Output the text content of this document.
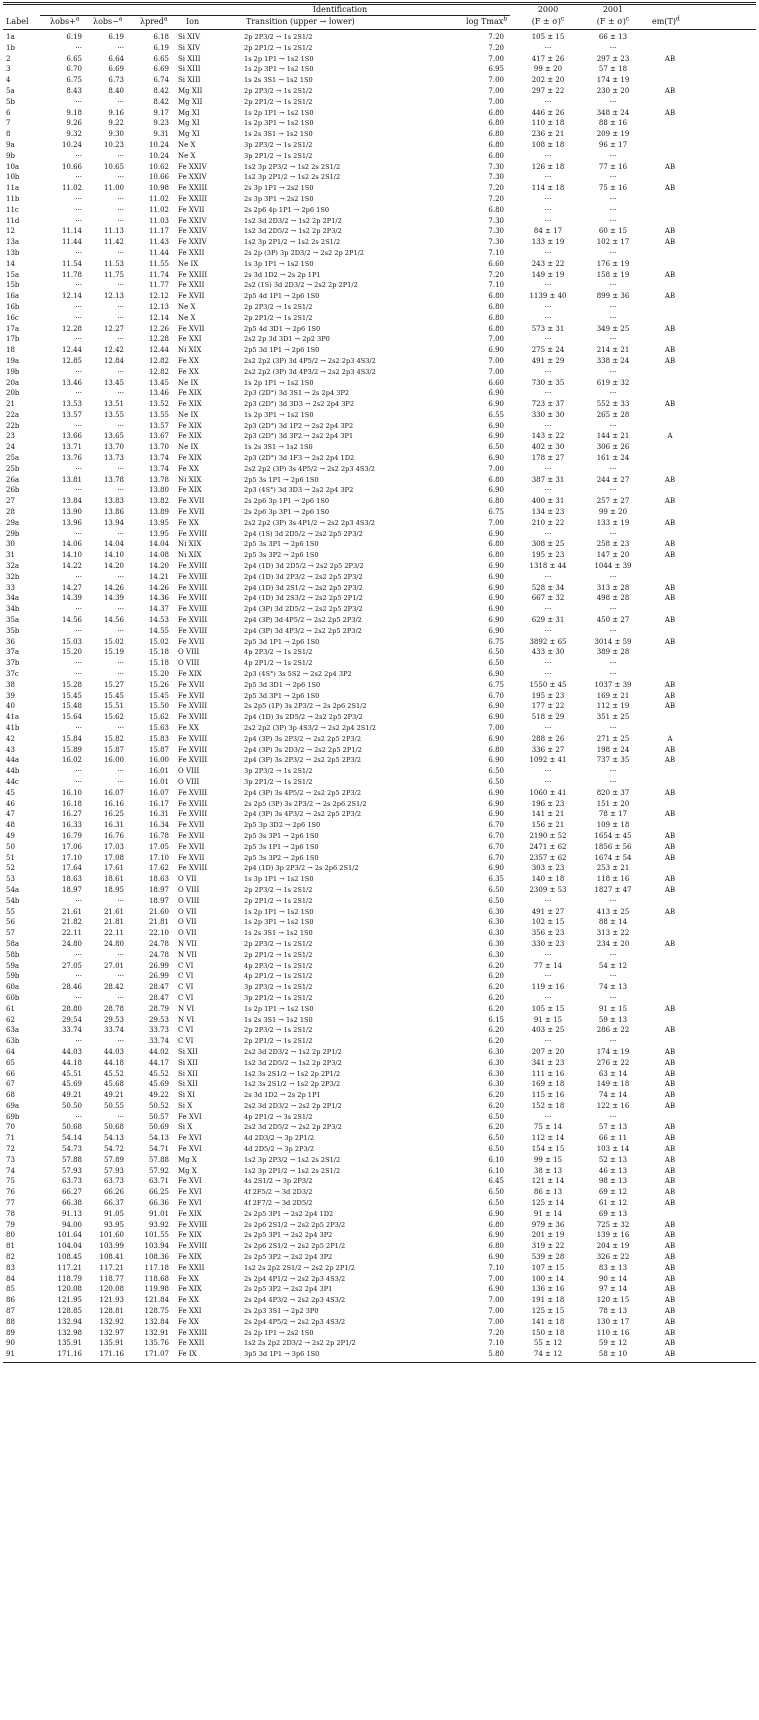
Identification	2000	2001
Label	λobs+$^a$ λobs−$^a$ λpred$^a$ Ion	Transition (upper → lower)	log Tmax$^b$	$(F \pm \sigma)^c$	$(F \pm \sigma)^c$	$em(T)^d$
1a	6.19	6.19	6.18 Si XIV	2p 2P3/2 → 1s 2S1/2	7.20	105 ± 15	66 ± 13
1b	···	···	6.19 Si XIV	2p 2P1/2 → 1s 2S1/2	7.20	···	···
2	6.65	6.64	6.65 Si XIII	1s 2p 1P1 → 1s2 1S0	7.00	417 ± 26	297 ± 23	AB
3	6.70	6.69	6.69 Si XIII	1s 2p 3P1 → 1s2 1S0	6.95	99 ± 20	57 ± 18
4	6.75	6.73	6.74 Si XIII	1s 2s 3S1 → 1s2 1S0	7.00	202 ± 20	174 ± 19
5a	8.43	8.40	8.42 Mg XII	2p 2P3/2 → 1s 2S1/2	7.00	297 ± 22	230 ± 20	AB
5b	···	···	8.42 Mg XII	2p 2P1/2 → 1s 2S1/2	7.00	···	···
6	9.18	9.16	9.17 Mg XI	1s 2p 1P1 → 1s2 1S0	6.80	446 ± 26	348 ± 24	AB
7	9.26	9.22	9.23 Mg XI	1s 2p 3P1 → 1s2 1S0	6.80	110 ± 18	88 ± 16
8	9.32	9.30	9.31 Mg XI	1s 2s 3S1 → 1s2 1S0	6.80	236 ± 21	209 ± 19
9a	10.24	10.23	10.24 Ne X	3p 2P3/2 → 1s 2S1/2	6.80	108 ± 18	96 ± 17
9b	···	···	10.24 Ne X	3p 2P1/2 → 1s 2S1/2	6.80	···	···
10a	10.66	10.65	10.62 Fe XXIV	1s2 3p 2P3/2 → 1s2 2s 2S1/2	7.30	126 ± 18	77 ± 16	AB
10b	···	···	10.66 Fe XXIV	1s2 3p 2P1/2 → 1s2 2s 2S1/2	7.30	···	···
11a	11.02	11.00	10.98 Fe XXIII	2s 3p 1P1 → 2s2 1S0	7.20	114 ± 18	75 ± 16	AB
11b	···	···	11.02 Fe XXIII	2s 3p 3P1 → 2s2 1S0	7.20	···	···
11c	···	···	11.02 Fe XVII	2s 2p6 4p 1P1 → 2p6 1S0	6.80	···	···
11d	···	···	11.03 Fe XXIV	1s2 3d 2D3/2 → 1s2 2p 2P1/2	7.30	···	···
12	11.14	11.13	11.17 Fe XXIV	1s2 3d 2D5/2 → 1s2 2p 2P3/2	7.30	84 ± 17	60 ± 15	AB
13a	11.44	11.42	11.43 Fe XXIV	1s2 3p 2P1/2 → 1s2 2s 2S1/2	7.30	133 ± 19	102 ± 17	AB
13b	···	···	11.44 Fe XXII	2s 2p (3P) 3p 2D3/2 → 2s2 2p 2P1/2	7.10	···	···
14	11.54	11.53	11.55 Ne IX	1s 3p 1P1 → 1s2 1S0	6.60	243 ± 22	176 ± 19
15a	11.78	11.75	11.74 Fe XXIII	2s 3d 1D2 → 2s 2p 1P1	7.20	149 ± 19	158 ± 19	AB
15b	···	···	11.77 Fe XXII	2s2 (1S) 3d 2D3/2 → 2s2 2p 2P1/2	7.10	···	···
16a	12.14	12.13	12.12 Fe XVII	2p5 4d 1P1 → 2p6 1S0	6.80	1139 ± 40	899 ± 36	AB
16b	···	···	12.13 Ne X	2p 2P3/2 → 1s 2S1/2	6.80	···	···
16c	···	···	12.14 Ne X	2p 2P1/2 → 1s 2S1/2	6.80	···	···
17a	12.28	12.27	12.26 Fe XVII	2p5 4d 3D1 → 2p6 1S0	6.80	573 ± 31	349 ± 25	AB
17b	···	···	12.28 Fe XXI	2s2 2p 3d 3D1 → 2p2 3P0	7.00	···	···
18	12.44	12.42	12.44 Ni XIX	2p5 3d 1P1 → 2p6 1S0	6.90	275 ± 24	214 ± 21	AB
19a	12.85	12.84	12.82 Fe XX	2s2 2p2 (3P) 3d 4P5/2 → 2s2 2p3 4S3/2	7.00	491 ± 29	338 ± 24	AB
19b	···	···	12.82 Fe XX	2s2 2p2 (3P) 3d 4P3/2 → 2s2 2p3 4S3/2	7.00	···	···
20a	13.46	13.45	13.45 Ne IX	1s 2p 1P1 → 1s2 1S0	6.60	730 ± 35	619 ± 32
20b	···	···	13.46 Fe XIX	2p3 (2D°) 3d 3S1 → 2s 2p4 3P2	6.90	···	···
21	13.53	13.51	13.52 Fe XIX	2p3 (2D°) 3d 3D3 → 2s2 2p4 3P2	6.90	723 ± 37	552 ± 33	AB
22a	13.57	13.55	13.55 Ne IX	1s 2p 3P1 → 1s2 1S0	6.55	330 ± 30	265 ± 28
22b	···	···	13.57 Fe XIX	2p3 (2D°) 3d 1P2 → 2s2 2p4 3P2	6.90	···	···
23	13.66	13.65	13.67 Fe XIX	2p3 (2D°) 3d 3P2 → 2s2 2p4 3P1	6.90	143 ± 22	144 ± 21	A
24	13.71	13.70	13.70 Ne IX	1s 2s 3S1 → 1s2 1S0	6.50	402 ± 30	306 ± 26
25a	13.76	13.73	13.74 Fe XIX	2p3 (2D°) 3d 1F3 → 2s2 2p4 1D2	6.90	178 ± 27	161 ± 24
25b	···	···	13.74 Fe XX	2s2 2p2 (3P) 3s 4P5/2 → 2s2 2p3 4S3/2	7.00	···	···
26a	13.81	13.78	13.78 Ni XIX	2p5 3s 1P1 → 2p6 1S0	6.80	387 ± 31	244 ± 27	AB
26b	···	···	13.80 Fe XIX	2p3 (4S°) 3d 3D3 → 2s2 2p4 3P2	6.90	···	···
27	13.84	13.83	13.82 Fe XVII	2s 2p6 3p 1P1 → 2p6 1S0	6.80	400 ± 31	257 ± 27	AB
28	13.90	13.86	13.89 Fe XVII	2s 2p6 3p 3P1 → 2p6 1S0	6.75	134 ± 23	99 ± 20
29a	13.96	13.94	13.95 Fe XX	2s2 2p2 (3P) 3s 4P1/2 → 2s2 2p3 4S3/2	7.00	210 ± 22	133 ± 19	AB
29b	···	···	13.95 Fe XVIII	2p4 (1S) 3d 2D5/2 → 2s2 2p5 2P3/2	6.90	···	···
30	14.06	14.04	14.04 Ni XIX	2p5 3s 3P1 → 2p6 1S0	6.80	308 ± 25	258 ± 23	AB
31	14.10	14.10	14.08 Ni XIX	2p5 3s 3P2 → 2p6 1S0	6.80	195 ± 23	147 ± 20	AB
32a	14.22	14.20	14.20 Fe XVIII	2p4 (1D) 3d 2D5/2 → 2s2 2p5 2P3/2	6.90	1318 ± 44	1044 ± 39
32b	···	···	14.21 Fe XVIII	2p4 (1D) 3d 2P3/2 → 2s2 2p5 2P3/2	6.90	···	···
33	14.27	14.26	14.26 Fe XVIII	2p4 (1D) 3d 2S1/2 → 2s2 2p5 2P3/2	6.90	528 ± 34	313 ± 28	AB
34a	14.39	14.39	14.36 Fe XVIII	2p4 (1D) 3d 2S3/2 → 2s2 2p5 2P1/2	6.90	667 ± 32	498 ± 28	AB
34b	···	···	14.37 Fe XVIII	2p4 (3P) 3d 2D5/2 → 2s2 2p5 2P3/2	6.90	···	···
35a	14.56	14.56	14.53 Fe XVIII	2p4 (3P) 3d 4P5/2 → 2s2 2p5 2P3/2	6.90	629 ± 31	450 ± 27	AB
35b	···	···	14.55 Fe XVIII	2p4 (3P) 3d 4P3/2 → 2s2 2p5 2P3/2	6.90	···	···
36	15.03	15.02	15.02 Fe XVII	2p5 3d 1P1 → 2p6 1S0	6.75	3892 ± 65	3014 ± 59	AB
37a	15.20	15.19	15.18 O VIII	4p 2P3/2 → 1s 2S1/2	6.50	433 ± 30	389 ± 28
37b	···	···	15.18 O VIII	4p 2P1/2 → 1s 2S1/2	6.50	···	···
37c	···	···	15.20 Fe XIX	2p3 (4S°) 3s 5S2 → 2s2 2p4 3P2	6.90	···	···
38	15.28	15.27	15.26 Fe XVII	2p5 3d 3D1 → 2p6 1S0	6.75	1550 ± 45	1037 ± 39	AB
39	15.45	15.45	15.45 Fe XVII	2p5 3d 3P1 → 2p6 1S0	6.70	195 ± 23	169 ± 21	AB
40	15.48	15.51	15.50 Fe XVIII	2s 2p5 (1P) 3s 2P3/2 → 2s 2p6 2S1/2	6.90	177 ± 22	112 ± 19	AB
41a	15.64	15.62	15.62 Fe XVIII	2p4 (1D) 3s 2D5/2 → 2s2 2p5 2P3/2	6.90	518 ± 29	351 ± 25
41b	···	···	15.63 Fe XX	2s2 2p2 (3P) 3p 4S3/2 → 2s2 2p4 2S1/2	7.00	···	···
42	15.84	15.82	15.83 Fe XVIII	2p4 (3P) 3s 2P3/2 → 2s2 2p5 2P3/2	6.90	288 ± 26	271 ± 25	A
43	15.89	15.87	15.87 Fe XVIII	2p4 (3P) 3s 2D3/2 → 2s2 2p5 2P1/2	6.80	336 ± 27	198 ± 24	AB
44a	16.02	16.00	16.00 Fe XVIII	2p4 (3P) 3s 2P3/2 → 2s2 2p5 2P3/2	6.90	1092 ± 41	737 ± 35	AB
44b	···	···	16.01 O VIII	3p 2P3/2 → 1s 2S1/2	6.50	···	···
44c	···	···	16.01 O VIII	3p 2P1/2 → 1s 2S1/2	6.50	···	···
45	16.10	16.07	16.07 Fe XVIII	2p4 (3P) 3s 4P5/2 → 2s2 2p5 2P3/2	6.90	1060 ± 41	820 ± 37	AB
46	16.18	16.16	16.17 Fe XVIII	2s 2p5 (3P) 3s 2P3/2 → 2s 2p6 2S1/2	6.90	196 ± 23	151 ± 20
47	16.27	16.25	16.31 Fe XVIII	2p4 (3P) 3s 4P3/2 → 2s2 2p5 2P3/2	6.90	141 ± 21	78 ± 17	AB
48	16.33	16.31	16.34 Fe XVII	2p5 3p 3D2 → 2p6 1S0	6.70	156 ± 21	109 ± 18
49	16.79	16.76	16.78 Fe XVII	2p5 3s 3P1 → 2p6 1S0	6.70	2190 ± 52	1654 ± 45	AB
50	17.06	17.03	17.05 Fe XVII	2p5 3s 1P1 → 2p6 1S0	6.70	2471 ± 62	1856 ± 56	AB
51	17.10	17.08	17.10 Fe XVII	2p5 3s 3P2 → 2p6 1S0	6.70	2357 ± 62	1674 ± 54	AB
52	17.64	17.61	17.62 Fe XVIII	2p4 (1D) 3p 2P3/2 → 2s 2p6 2S1/2	6.90	303 ± 23	253 ± 21
53	18.63	18.61	18.63 O VII	1s 3p 1P1 → 1s2 1S0	6.35	140 ± 18	118 ± 16	AB
54a	18.97	18.95	18.97 O VIII	2p 2P3/2 → 1s 2S1/2	6.50	2309 ± 53	1827 ± 47	AB
54b	···	···	18.97 O VIII	2p 2P1/2 → 1s 2S1/2	6.50	···	···
55	21.61	21.61	21.60 O VII	1s 2p 1P1 → 1s2 1S0	6.30	491 ± 27	413 ± 25	AB
56	21.82	21.81	21.81 O VII	1s 2p 3P1 → 1s2 1S0	6.30	102 ± 15	88 ± 14
57	22.11	22.11	22.10 O VII	1s 2s 3S1 → 1s2 1S0	6.30	356 ± 23	313 ± 22
58a	24.80	24.80	24.78 N VII	2p 2P3/2 → 1s 2S1/2	6.30	330 ± 23	234 ± 20	AB
58b	···	···	24.78 N VII	2p 2P1/2 → 1s 2S1/2	6.30	···	···
59a	27.05	27.01	26.99 C VI	4p 2P3/2 → 1s 2S1/2	6.20	77 ± 14	54 ± 12
59b	···	···	26.99 C VI	4p 2P1/2 → 1s 2S1/2	6.20	···	···
60a	28.46	28.42	28.47 C VI	3p 2P3/2 → 1s 2S1/2	6.20	119 ± 16	74 ± 13
60b	···	···	28.47 C VI	3p 2P1/2 → 1s 2S1/2	6.20	···	···
61	28.80	28.78	28.79 N VI	1s 2p 1P1 → 1s2 1S0	6.20	105 ± 15	91 ± 15	AB
62	29.54	29.53	29.53 N VI	1s 2s 3S1 → 1s2 1S0	6.15	91 ± 15	59 ± 13
63a	33.74	33.74	33.73 C VI	2p 2P3/2 → 1s 2S1/2	6.20	403 ± 25	286 ± 22	AB
63b	···	···	33.74 C VI	2p 2P1/2 → 1s 2S1/2	6.20	···	···
64	44.03	44.03	44.02 Si XII	2s2 3d 2D3/2 → 1s2 2p 2P1/2	6.30	207 ± 20	174 ± 19	AB
65	44.18	44.18	44.17 Si XII	1s2 3d 2D5/2 → 1s2 2p 2P3/2	6.30	341 ± 23	276 ± 22	AB
66	45.51	45.52	45.52 Si XII	1s2 3s 2S1/2 → 1s2 2p 2P1/2	6.30	111 ± 16	63 ± 14	AB
67	45.69	45.68	45.69 Si XII	1s2 3s 2S1/2 → 1s2 2p 2P3/2	6.30	169 ± 18	149 ± 18	AB
68	49.21	49.21	49.22 Si XI	2s 3d 1D2 → 2s 2p 1P1	6.20	115 ± 16	74 ± 14	AB
69a	50.50	50.55	50.52 Si X	2s2 3d 2D3/2 → 2s2 2p 2P1/2	6.20	152 ± 18	122 ± 16	AB
69b	···	···	50.57 Fe XVI	4p 2P1/2 → 3s 2S1/2	6.50	···	···
70	50.68	50.68	50.69 Si X	2s2 3d 2D5/2 → 2s2 2p 2P3/2	6.20	75 ± 14	57 ± 13	AB
71	54.14	54.13	54.13 Fe XVI	4d 2D3/2 → 3p 2P1/2	6.50	112 ± 14	66 ± 11	AB
72	54.73	54.72	54.71 Fe XVI	4d 2D5/2 → 3p 2P3/2	6.50	154 ± 15	103 ± 14	AB
73	57.88	57.89	57.88 Mg X	1s2 3p 2P3/2 → 1s2 2s 2S1/2	6.10	99 ± 15	52 ± 13	AB
74	57.93	57.93	57.92 Mg X	1s2 3p 2P1/2 → 1s2 2s 2S1/2	6.10	38 ± 13	46 ± 13	AB
75	63.73	63.73	63.71 Fe XVI	4s 2S1/2 → 3p 2P3/2	6.45	121 ± 14	98 ± 13	AB
76	66.27	66.26	66.25 Fe XVI	4f 2F5/2 → 3d 2D3/2	6.50	86 ± 13	69 ± 12	AB
77	66.38	66.37	66.36 Fe XVI	4f 2F7/2 → 3d 2D5/2	6.50	125 ± 14	61 ± 12	AB
78	91.13	91.05	91.01 Fe XIX	2s 2p5 3P1 → 2s2 2p4 1D2	6.90	91 ± 14	69 ± 13
79	94.00	93.95	93.92 Fe XVIII	2s 2p6 2S1/2 → 2s2 2p5 2P3/2	6.80	979 ± 36	725 ± 32	AB
80	101.64	101.60	101.55 Fe XIX	2s 2p5 3P1 → 2s2 2p4 3P2	6.90	201 ± 19	139 ± 16	AB
81	104.04	103.99	103.94 Fe XVIII	2s 2p6 2S1/2 → 2s2 2p5 2P1/2	6.80	319 ± 22	204 ± 19	AB
82	108.45	108.41	108.36 Fe XIX	2s 2p5 3P2 → 2s2 2p4 3P2	6.90	539 ± 28	326 ± 22	AB
83	117.21	117.21	117.18 Fe XXII	1s2 2s 2p2 2S1/2 → 2s2 2p 2P1/2	7.10	107 ± 15	83 ± 13	AB
84	118.79	118.77	118.68 Fe XX	2s 2p4 4P1/2 → 2s2 2p3 4S3/2	7.00	100 ± 14	90 ± 14	AB
85	120.08	120.08	119.98 Fe XIX	2s 2p5 3P2 → 2s2 2p4 3P1	6.90	136 ± 16	97 ± 14	AB
86	121.95	121.93	121.84 Fe XX	2s 2p4 4P3/2 → 2s2 2p3 4S3/2	7.00	191 ± 18	120 ± 15	AB
87	128.85	128.81	128.75 Fe XXI	2s 2p3 3S1 → 2p2 3P0	7.00	125 ± 15	78 ± 13	AB
88	132.94	132.92	132.84 Fe XX	2s 2p4 4P5/2 → 2s2 2p3 4S3/2	7.00	141 ± 18	130 ± 17	AB
89	132.98	132.97	132.91 Fe XXIII	2s 2p 1P1 → 2s2 1S0	7.20	150 ± 18	110 ± 16	AB
90	135.91	135.91	135.76 Fe XXII	1s2 2s 2p2 2D3/2 → 2s2 2p 2P1/2	7.10	55 ± 12	59 ± 12	AB
91	171.16	171.16	171.07 Fe IX	3p5 3d 1P1 → 3p6 1S0	5.80	74 ± 12	58 ± 10	AB
